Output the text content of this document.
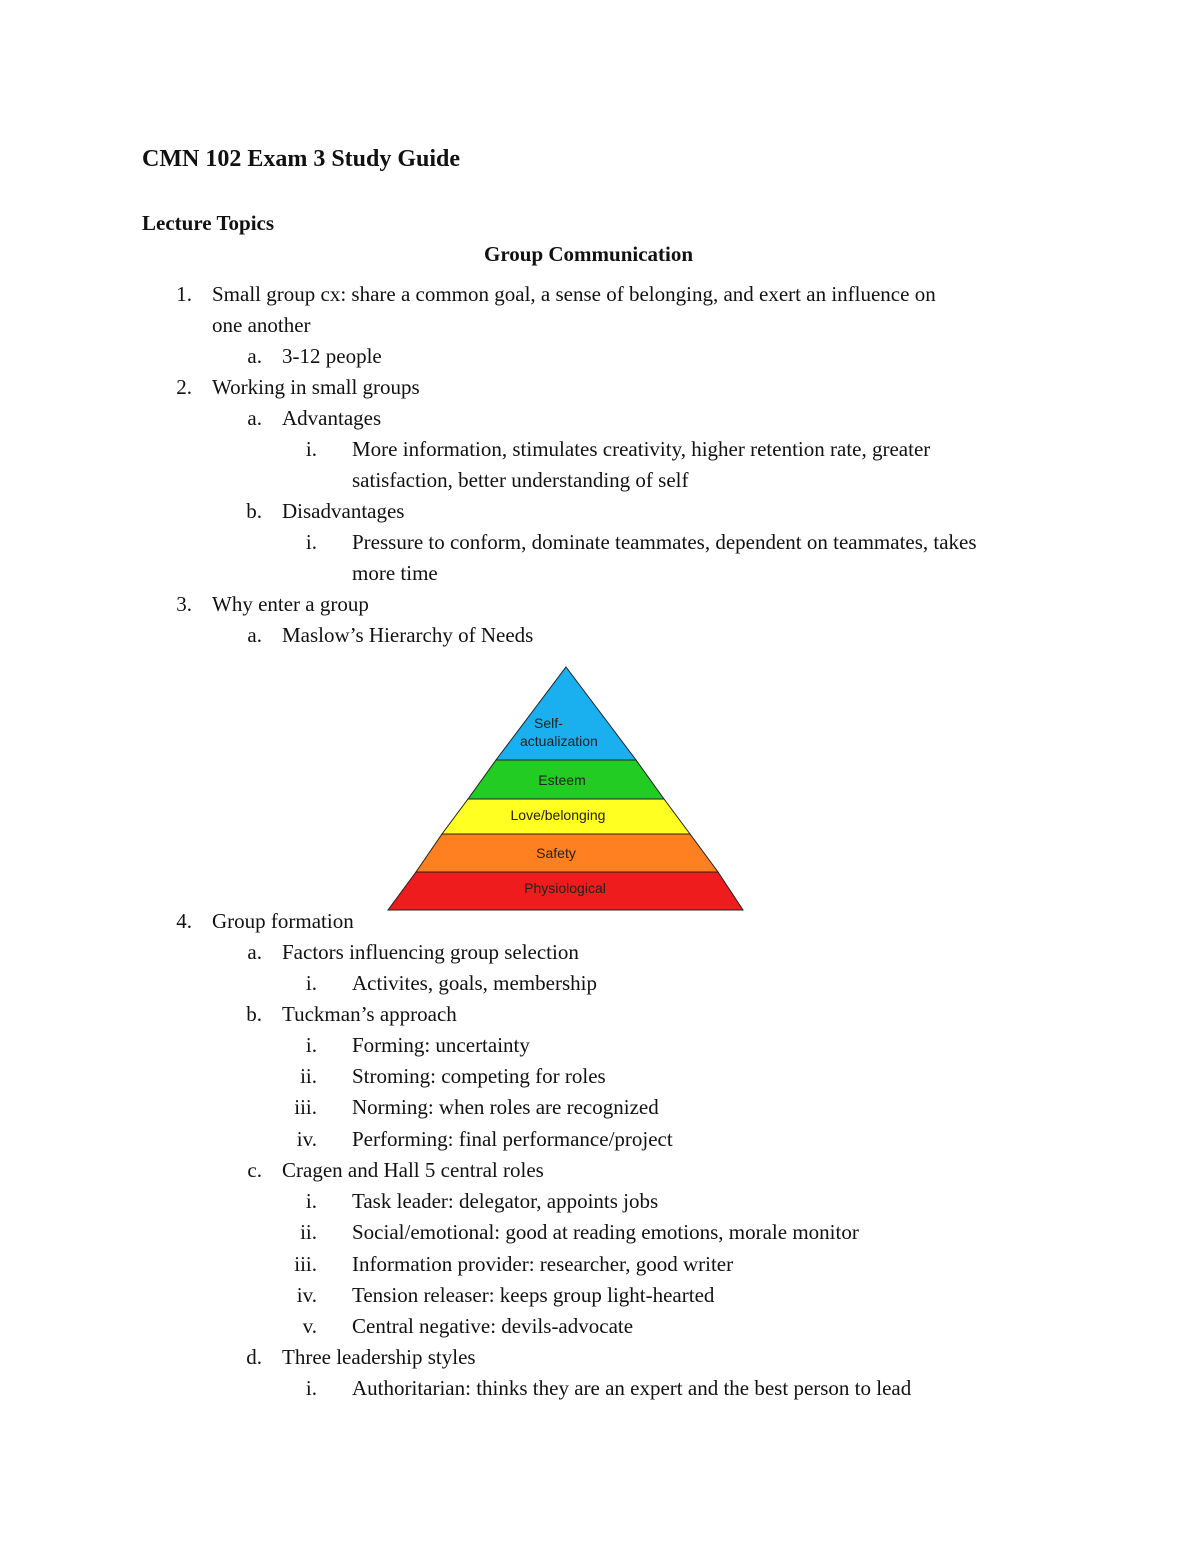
CMN 102 Exam 3 Study Guide
Lecture Topics
Group Communication
1. Small group cx: share a common goal, a sense of belonging, and exert an influence on
one another
a. 3-12 people
2. Working in small groups
a. Advantages
i. More information, stimulates creativity, higher retention rate, greater
satisfaction, better understanding of self
b. Disadvantages
i. Pressure to conform, dominate teammates, dependent on teammates, takes
more time
3. Why enter a group
a. Maslow’s Hierarchy of Needs
Self-
actualization
Esteem
Love/belonging
Safety
Physiological
4. Group formation
a. Factors influencing group selection
i. Activites, goals, membership
b. Tuckman’s approach
i. Forming: uncertainty
ii. Stroming: competing for roles
iii. Norming: when roles are recognized
iv. Performing: final performance/project
c. Cragen and Hall 5 central roles
i. Task leader: delegator, appoints jobs
ii. Social/emotional: good at reading emotions, morale monitor
iii. Information provider: researcher, good writer
iv. Tension releaser: keeps group light-hearted
v. Central negative: devils-advocate
d. Three leadership styles
i. Authoritarian: thinks they are an expert and the best person to lead
